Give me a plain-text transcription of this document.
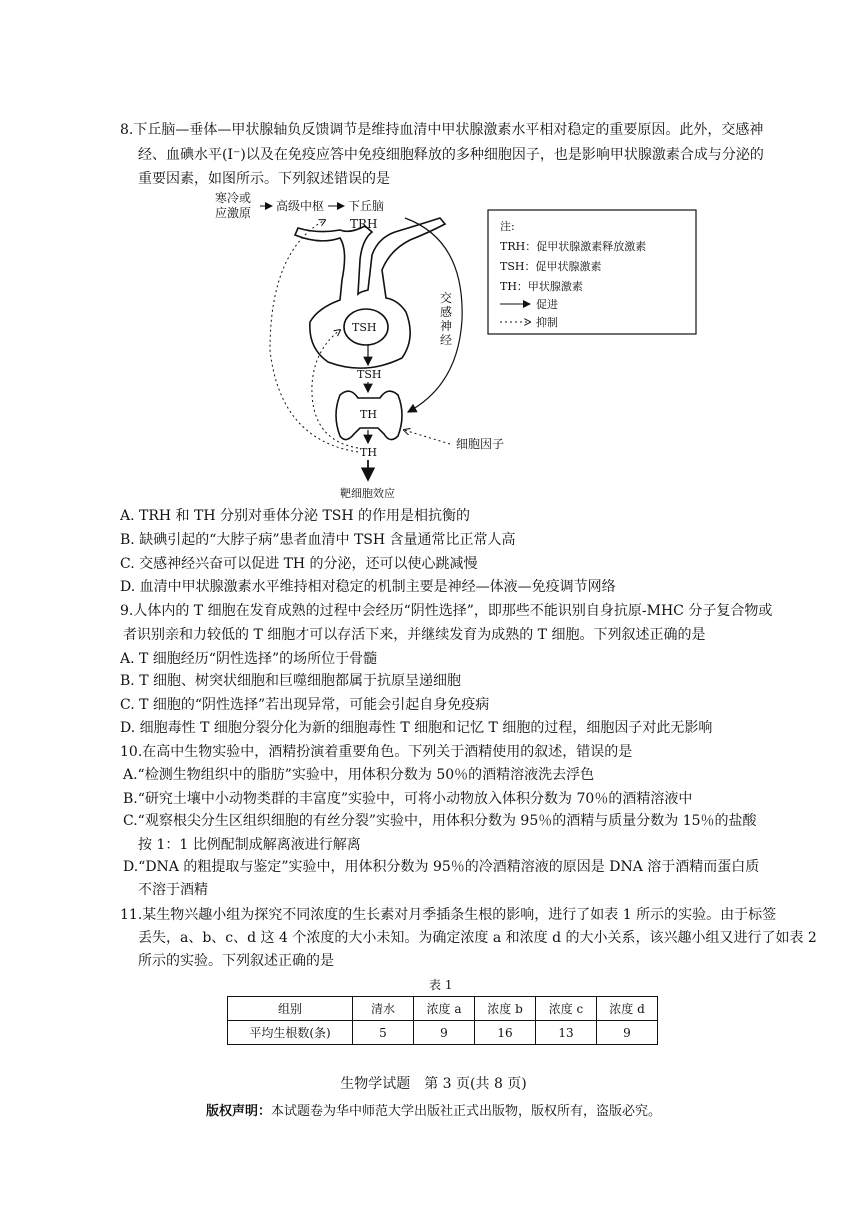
8.下丘脑—垂体—甲状腺轴负反馈调节是维持血清中甲状腺激素水平相对稳定的重要原因。此外，交感神
经、血碘水平(I⁻)以及在免疫应答中免疫细胞释放的多种细胞因子，也是影响甲状腺激素合成与分泌的
重要因素，如图所示。下列叙述错误的是
寒冷或
应激原 高级中枢 下丘脑
TRH
TSH
TSH
TH
TH
靶细胞效应
交
感
神
经
细胞因子
注:
TRH：促甲状腺激素释放激素
TSH：促甲状腺激素
TH：甲状腺激素
促进
抑制
A. TRH 和 TH 分别对垂体分泌 TSH 的作用是相抗衡的
B. 缺碘引起的“大脖子病”患者血清中 TSH 含量通常比正常人高
C. 交感神经兴奋可以促进 TH 的分泌，还可以使心跳减慢
D. 血清中甲状腺激素水平维持相对稳定的机制主要是神经—体液—免疫调节网络
9.人体内的 T 细胞在发育成熟的过程中会经历“阴性选择”，即那些不能识别自身抗原-MHC 分子复合物或
者识别亲和力较低的 T 细胞才可以存活下来，并继续发育为成熟的 T 细胞。下列叙述正确的是
A. T 细胞经历“阴性选择”的场所位于骨髓
B. T 细胞、树突状细胞和巨噬细胞都属于抗原呈递细胞
C. T 细胞的“阴性选择”若出现异常，可能会引起自身免疫病
D. 细胞毒性 T 细胞分裂分化为新的细胞毒性 T 细胞和记忆 T 细胞的过程，细胞因子对此无影响
10.在高中生物实验中，酒精扮演着重要角色。下列关于酒精使用的叙述，错误的是
A.“检测生物组织中的脂肪”实验中，用体积分数为 50％的酒精溶液洗去浮色
B.“研究土壤中小动物类群的丰富度”实验中，可将小动物放入体积分数为 70％的酒精溶液中
C.“观察根尖分生区组织细胞的有丝分裂”实验中，用体积分数为 95％的酒精与质量分数为 15％的盐酸
按 1：1 比例配制成解离液进行解离
D.“DNA 的粗提取与鉴定”实验中，用体积分数为 95％的冷酒精溶液的原因是 DNA 溶于酒精而蛋白质
不溶于酒精
11.某生物兴趣小组为探究不同浓度的生长素对月季插条生根的影响，进行了如表 1 所示的实验。由于标签
丢失，a、b、c、d 这 4 个浓度的大小未知。为确定浓度 a 和浓度 d 的大小关系，该兴趣小组又进行了如表 2
所示的实验。下列叙述正确的是
表 1
组别	清水	浓度 a	浓度 b	浓度 c	浓度 d
平均生根数(条)	5	9	16	13	9
生物学试题　第 3 页(共 8 页)
版权声明：本试题卷为华中师范大学出版社正式出版物，版权所有，盗版必究。
